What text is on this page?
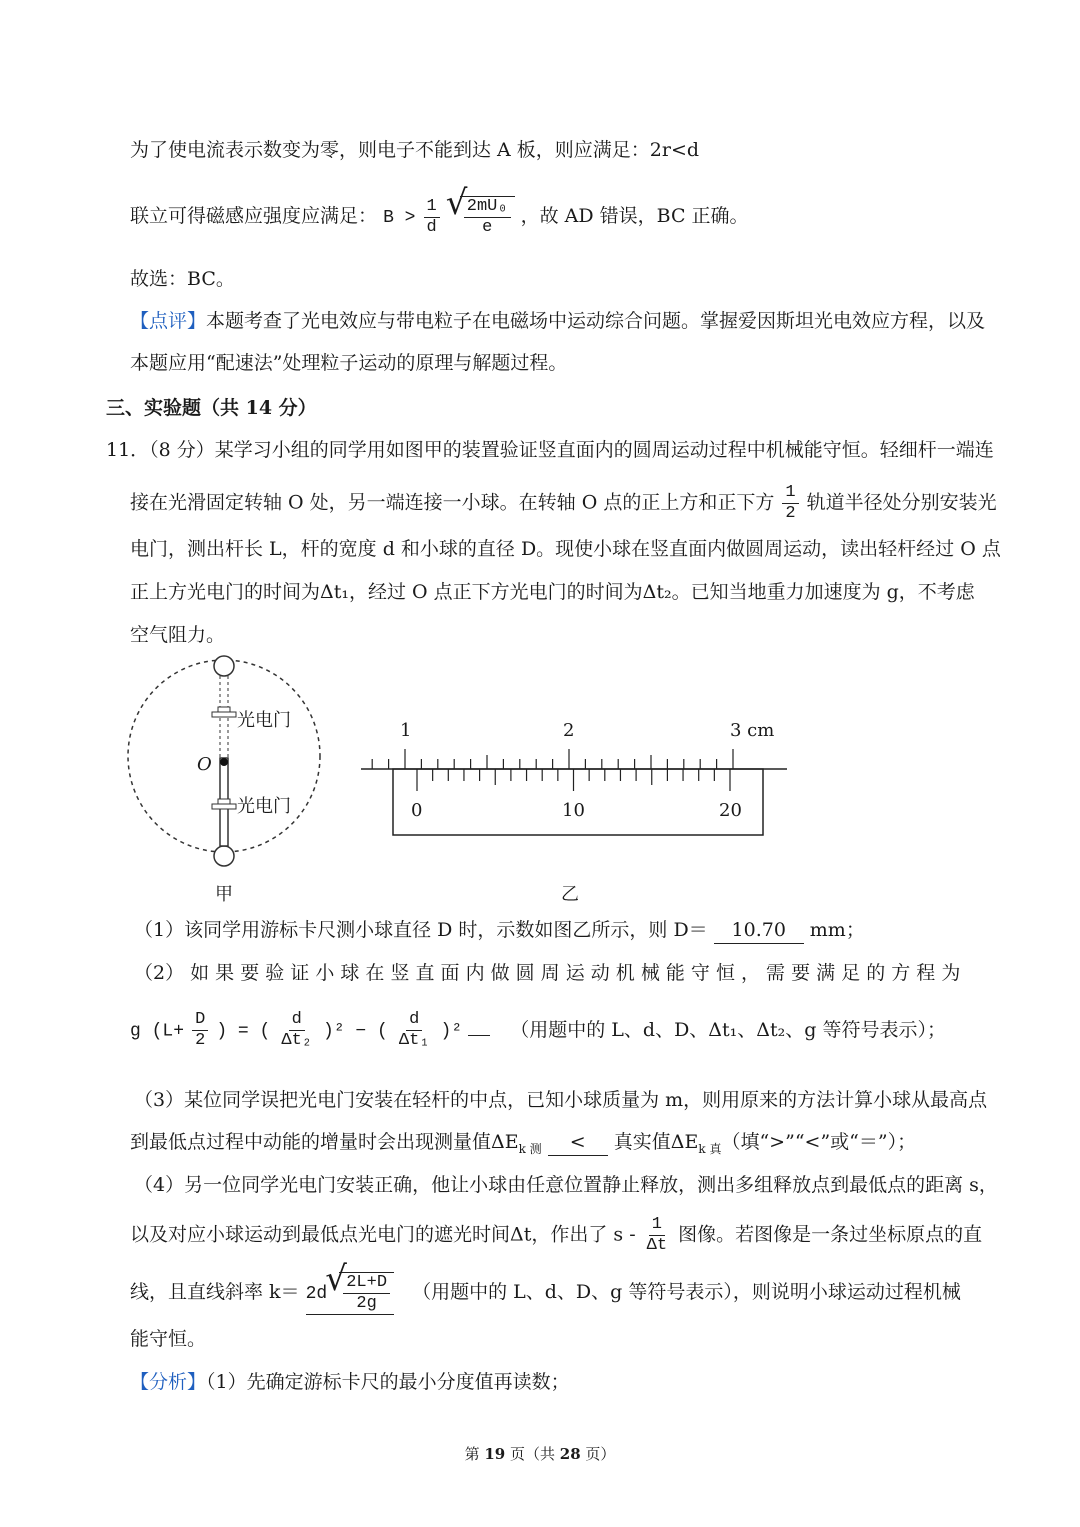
为了使电流表示数变为零，则电子不能到达 A 板，则应满足：2r<d
联立可得磁感应强度应满足： $B > \frac{1}{d}$
√ $\frac{\text{2mU₀}}{e}$ ，故 AD 错误，BC 正确。
故选：BC。
【点评】本题考查了光电效应与带电粒子在电磁场中运动综合问题。掌握爱因斯坦光电效应方程，以及
本题应用“配速法”处理粒子运动的原理与解题过程。
三、实验题（共 14 分）
11．（8 分）某学习小组的同学用如图甲的装置验证竖直面内的圆周运动过程中机械能守恒。轻细杆一端连
接在光滑固定转轴 O 处，另一端连接一小球。在转轴 O 点的正上方和正下方 $\frac{1}{2}$ 轨道半径处分别安装光
电门，测出杆长 L，杆的宽度 d 和小球的直径 D。现使小球在竖直面内做圆周运动，读出轻杆经过 O 点
正上方光电门的时间为Δt₁，经过 O 点正下方光电门的时间为Δt₂。已知当地重力加速度为 g，不考虑
空气阻力。
光电门
光电门
O
甲
1	2	3 cm
0	10	20
乙
（1）该同学用游标卡尺测小球直径 D 时，示数如图乙所示，则 D＝ 10.70 mm；
（2） 如 果 要 验 证 小 球 在 竖 直 面 内 做 圆 周 运 动 机 械 能 守 恒 ， 需 要 满 足 的 方 程 为
g ($L+ \frac{D}{2}$ ) = ( $\frac{d}{\text{Δt₂}} )^2$ − ( $\frac{d}{\text{Δt₁}} )^2$	（用题中的 L、d、D、Δt₁、Δt₂、g 等符号表示）；
（3）某位同学误把光电门安装在轻杆的中点，已知小球质量为 m，则用原来的方法计算小球从最高点
到最低点过程中动能的增量时会出现测量值$\Delta E_{k 测}$ < 真实值$\Delta E_{k 真}$（填“>”“<”或“＝”）；
（4）另一位同学光电门安装正确，他让小球由任意位置静止释放，测出多组释放点到最低点的距离 s，
以及对应小球运动到最低点光电门的遮光时间Δt，作出了 s - $\frac{1}{\Delta t}$ 图像。若图像是一条过坐标原点的直
线，且直线斜率 k＝ 2d √ $\frac{2L+D}{2g}$ （用题中的 L、d、D、g 等符号表示），则说明小球运动过程机械
能守恒。
【分析】（1）先确定游标卡尺的最小分度值再读数；
第 19 页（共 28 页）
